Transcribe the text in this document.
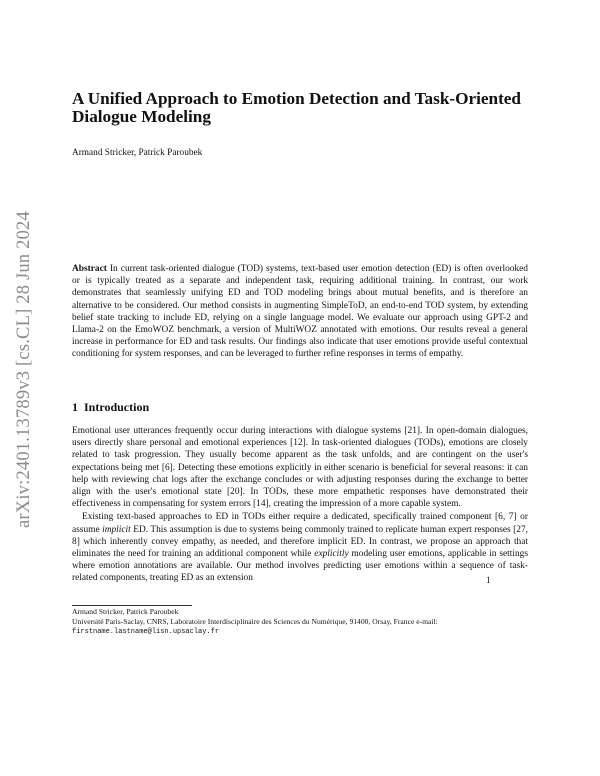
arXiv:2401.13789v3 [cs.CL] 28 Jun 2024
A Unified Approach to Emotion Detection and Task-Oriented Dialogue Modeling
Armand Stricker, Patrick Paroubek

Abstract In current task-oriented dialogue (TOD) systems, text-based user emotion detection (ED) is often overlooked or is typically treated as a separate and independent task, requiring additional training. In contrast, our work demonstrates that seamlessly unifying ED and TOD modeling brings about mutual benefits, and is therefore an alternative to be considered. Our method consists in augmenting SimpleToD, an end-to-end TOD system, by extending belief state tracking to include ED, relying on a single language model. We evaluate our approach using GPT-2 and Llama-2 on the EmoWOZ benchmark, a version of MultiWOZ annotated with emotions. Our results reveal a general increase in performance for ED and task results. Our findings also indicate that user emotions provide useful contextual conditioning for system responses, and can be leveraged to further refine responses in terms of empathy.

1 Introduction

Emotional user utterances frequently occur during interactions with dialogue systems [21]. In open-domain dialogues, users directly share personal and emotional experiences [12]. In task-oriented dialogues (TODs), emotions are closely related to task progression. They usually become apparent as the task unfolds, and are contingent on the user's expectations being met [6]. Detecting these emotions explicitly in either scenario is beneficial for several reasons: it can help with reviewing chat logs after the exchange concludes or with adjusting responses during the exchange to better align with the user's emotional state [20]. In TODs, these more empathetic responses have demonstrated their effectiveness in compensating for system errors [14], creating the impression of a more capable system.

Existing text-based approaches to ED in TODs either require a dedicated, specifically trained component [6, 7] or assume implicit ED. This assumption is due to systems being commonly trained to replicate human expert responses [27, 8] which inherently convey empathy, as needed, and therefore implicit ED. In contrast, we propose an approach that eliminates the need for training an additional component while explicitly modeling user emotions, applicable in settings where emotion annotations are available. Our method involves predicting user emotions within a sequence of task-related components, treating ED as an extension	1
Armand Stricker, Patrick Paroubek
Université Paris-Saclay, CNRS, Laboratoire Interdisciplinaire des Sciences du Numérique, 91400, Orsay, France e-mail:
firstname.lastname@lisn.upsaclay.fr
